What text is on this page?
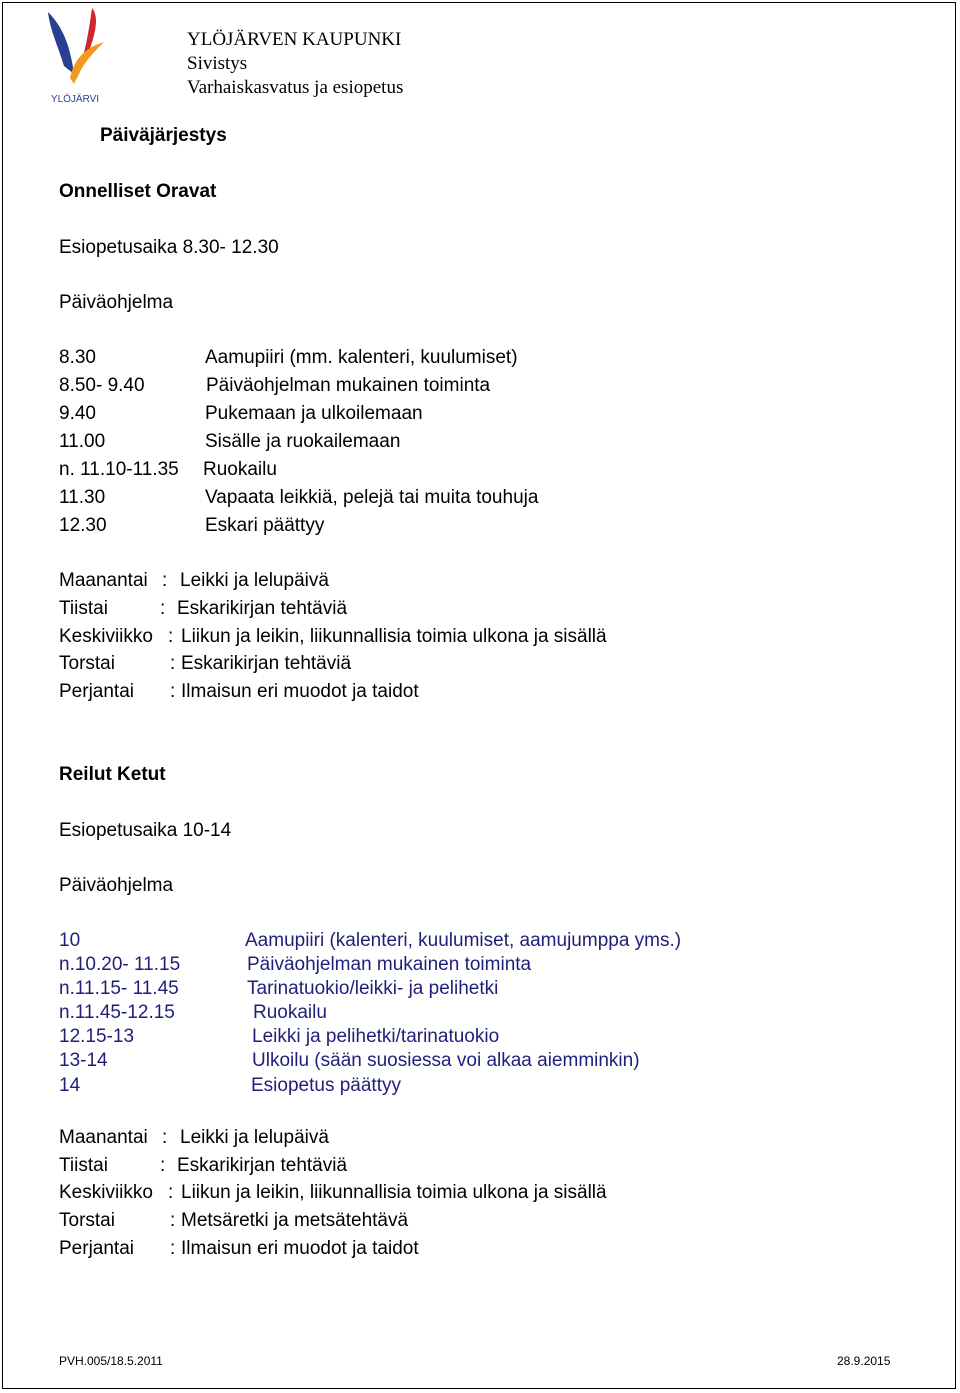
YLÖJÄRVI
YLÖJÄRVEN KAUPUNKI
Sivistys
Varhaiskasvatus ja esiopetus
Päiväjärjestys
Onnelliset Oravat
Esiopetusaika 8.30- 12.30
Päiväohjelma
8.30	Aamupiiri (mm. kalenteri, kuulumiset)
8.50- 9.40	Päiväohjelman mukainen toiminta
9.40	Pukemaan ja ulkoilemaan
11.00	Sisälle ja ruokailemaan
n. 11.10-11.35 Ruokailu
11.30	Vapaata leikkiä, pelejä tai muita touhuja
12.30	Eskari päättyy
Maanantai : Leikki ja lelupäivä
Tiistai	: Eskarikirjan tehtäviä
Keskiviikko : Liikun ja leikin, liikunnallisia toimia ulkona ja sisällä
Torstai	: Eskarikirjan tehtäviä
Perjantai : Ilmaisun eri muodot ja taidot
Reilut Ketut
Esiopetusaika 10-14
Päiväohjelma
10	Aamupiiri (kalenteri, kuulumiset, aamujumppa yms.)
n.10.20- 11.15	Päiväohjelman mukainen toiminta
n.11.15- 11.45	Tarinatuokio/leikki- ja pelihetki
n.11.45-12.15	Ruokailu
12.15-13	Leikki ja pelihetki/tarinatuokio
13-14	Ulkoilu (sään suosiessa voi alkaa aiemminkin)
14	Esiopetus päättyy
Maanantai : Leikki ja lelupäivä
Tiistai	: Eskarikirjan tehtäviä
Keskiviikko : Liikun ja leikin, liikunnallisia toimia ulkona ja sisällä
Torstai	: Metsäretki ja metsätehtävä
Perjantai : Ilmaisun eri muodot ja taidot
PVH.005/18.5.2011	28.9.2015
